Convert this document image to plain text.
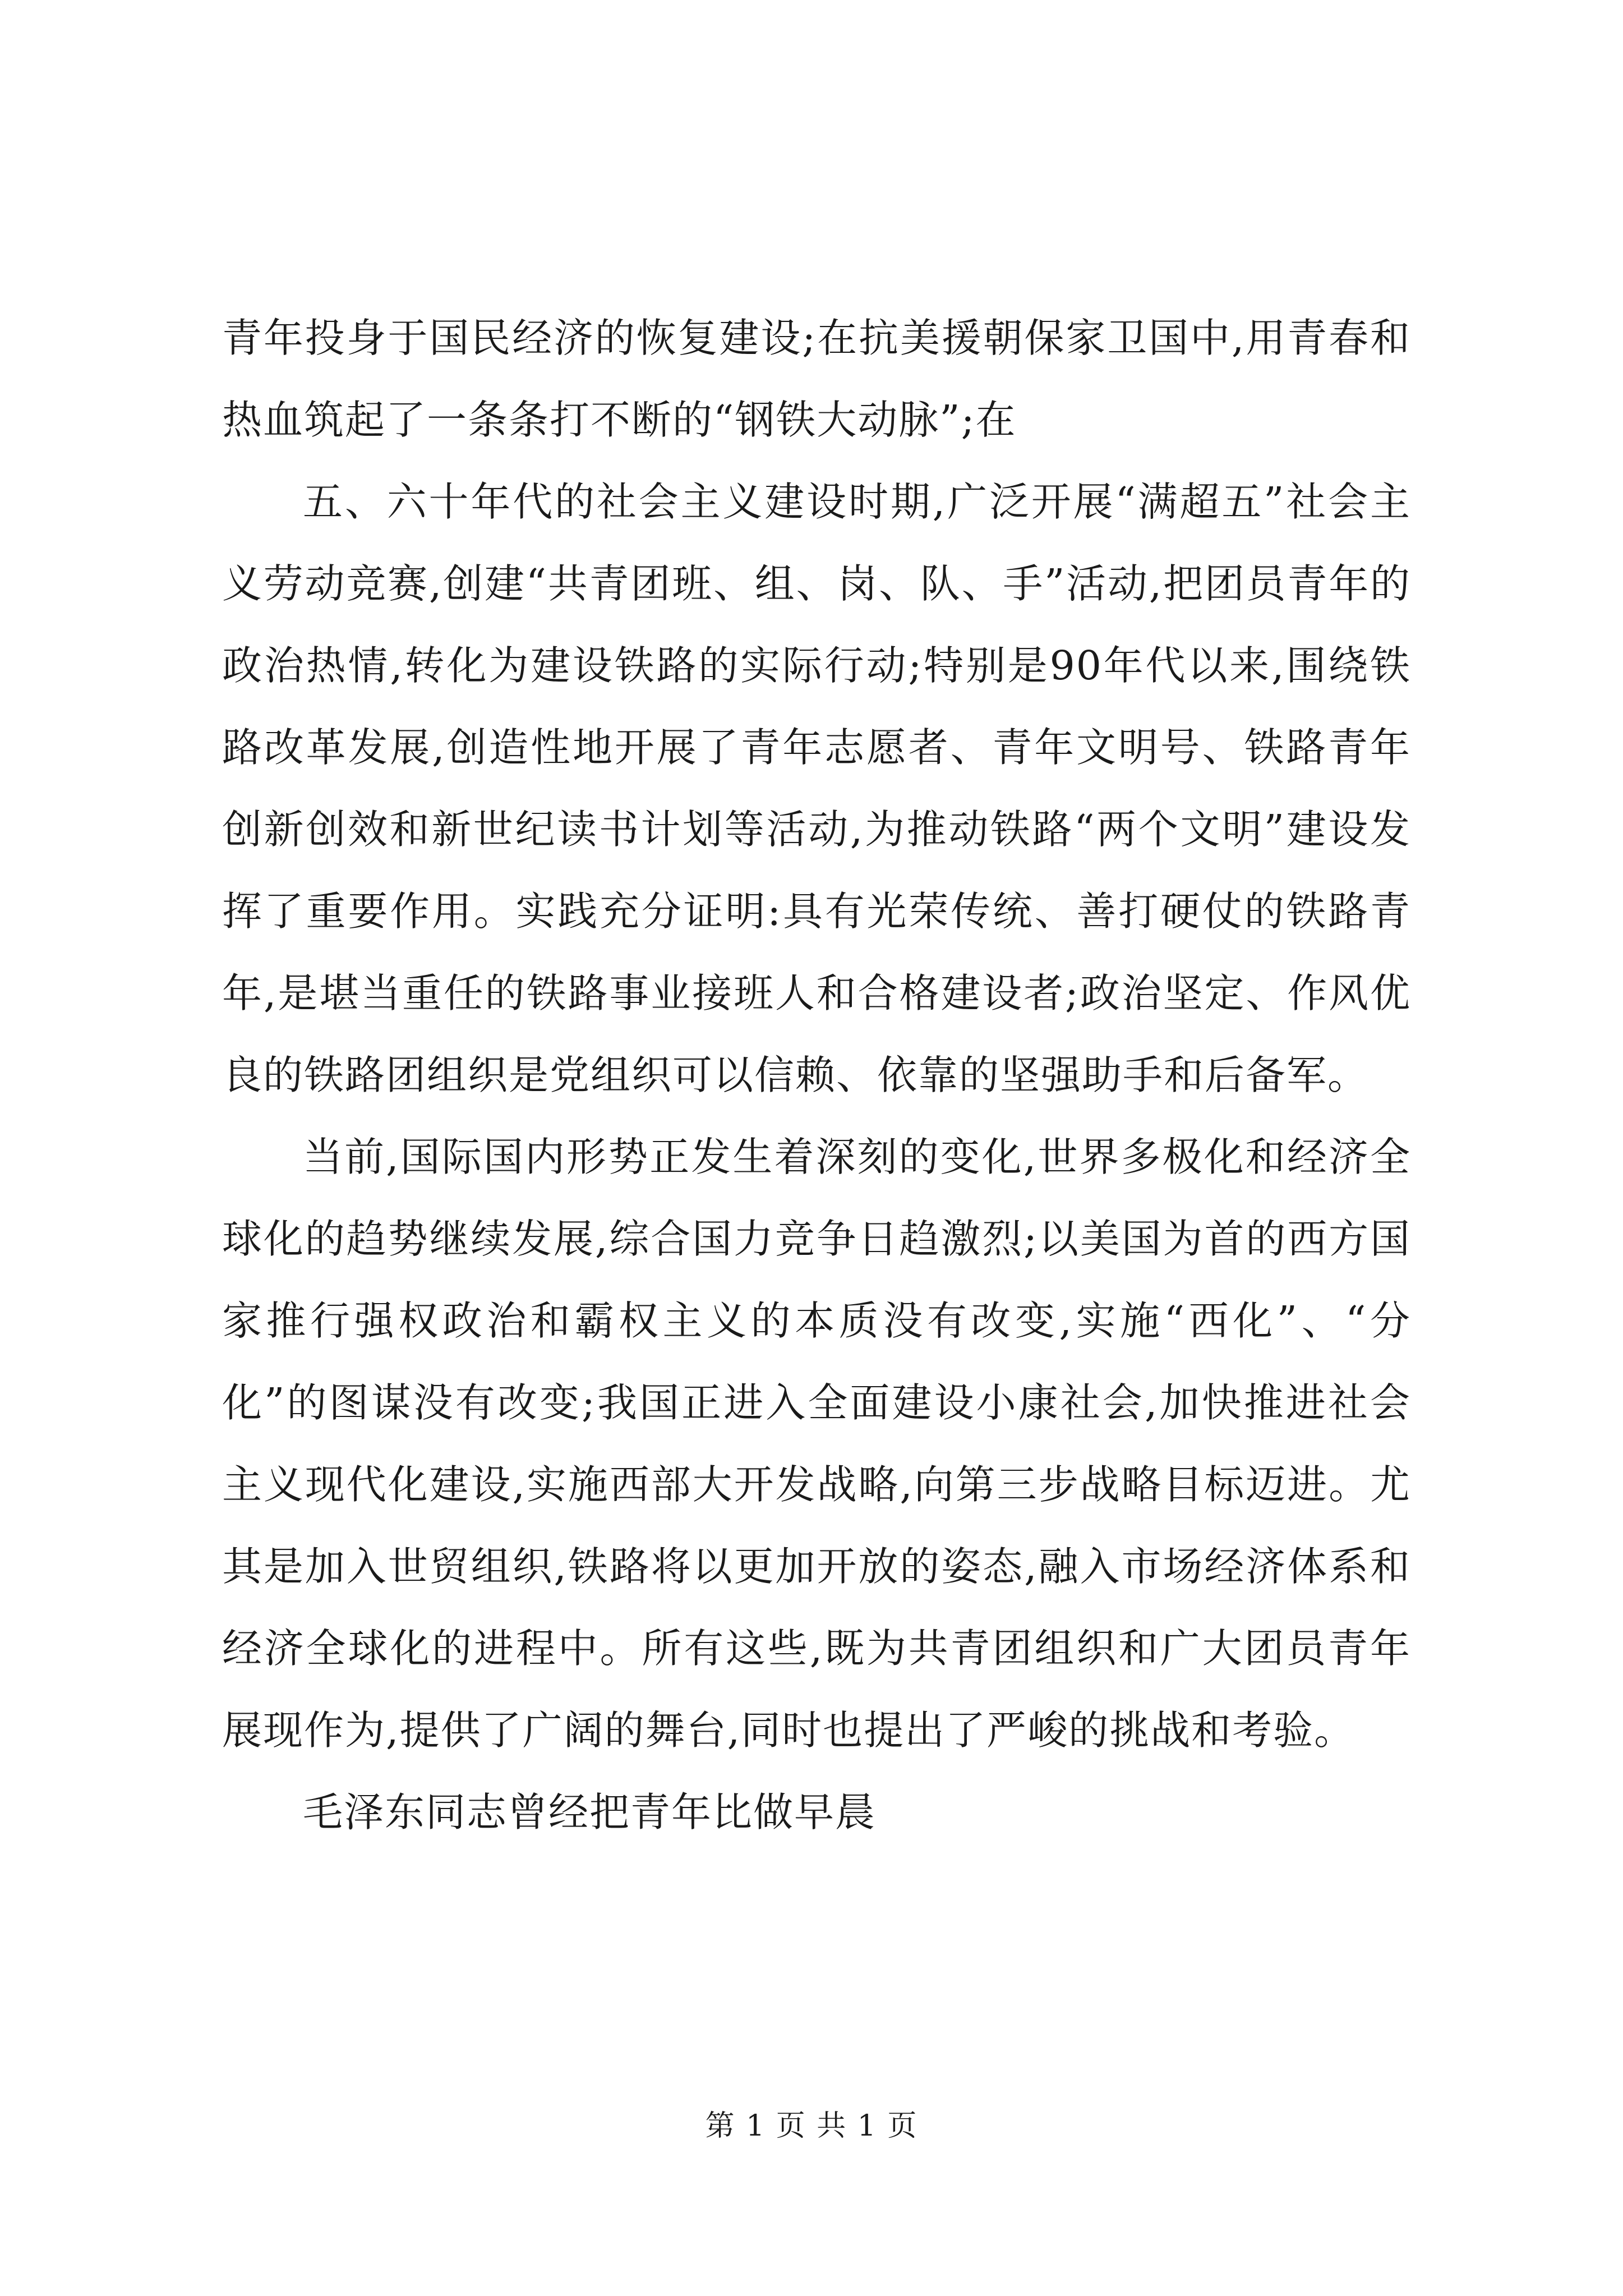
青年投身于国民经济的恢复建设;在抗美援朝保家卫国中,用青春和热血筑起了一条条打不断的“钢铁大动脉”;在

五、六十年代的社会主义建设时期,广泛开展“满超五”社会主义劳动竞赛,创建“共青团班、组、岗、队、手”活动,把团员青年的政治热情,转化为建设铁路的实际行动;特别是90年代以来,围绕铁路改革发展,创造性地开展了青年志愿者、青年文明号、铁路青年创新创效和新世纪读书计划等活动,为推动铁路“两个文明”建设发挥了重要作用。实践充分证明:具有光荣传统、善打硬仗的铁路青年,是堪当重任的铁路事业接班人和合格建设者;政治坚定、作风优良的铁路团组织是党组织可以信赖、依靠的坚强助手和后备军。

当前,国际国内形势正发生着深刻的变化,世界多极化和经济全球化的趋势继续发展,综合国力竞争日趋激烈;以美国为首的西方国家推行强权政治和霸权主义的本质没有改变,实施“西化”、“分化”的图谋没有改变;我国正进入全面建设小康社会,加快推进社会主义现代化建设,实施西部大开发战略,向第三步战略目标迈进。尤其是加入世贸组织,铁路将以更加开放的姿态,融入市场经济体系和经济全球化的进程中。所有这些,既为共青团组织和广大团员青年展现作为,提供了广阔的舞台,同时也提出了严峻的挑战和考验。

毛泽东同志曾经把青年比做早晨

第 1 页 共 1 页
